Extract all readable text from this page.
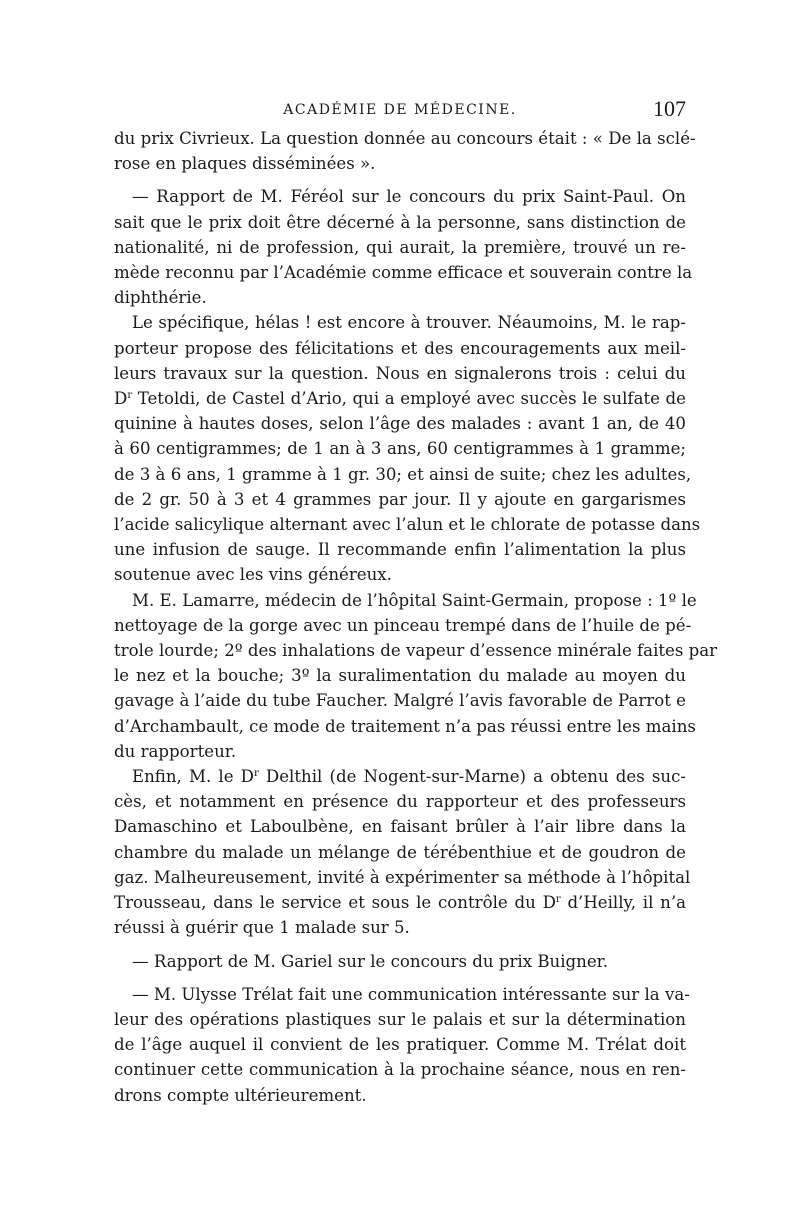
ACADÉMIE DE MÉDECINE.	107
du prix Civrieux. La question donnée au concours était : « De la sclé-
rose en plaques disséminées ».
— Rapport de M. Féréol sur le concours du prix Saint-Paul. On
sait que le prix doit être décerné à la personne, sans distinction de
nationalité, ni de profession, qui aurait, la première, trouvé un re-
mède reconnu par l’Académie comme efficace et souverain contre la
diphthérie.
Le spécifique, hélas ! est encore à trouver. Néaumoins, M. le rap-
porteur propose des félicitations et des encouragements aux meil-
leurs travaux sur la question. Nous en signalerons trois : celui du
$D^r$ Tetoldi, de Castel d’Ario, qui a employé avec succès le sulfate de
quinine à hautes doses, selon l’âge des malades : avant 1 an, de 40
à 60 centigrammes; de 1 an à 3 ans, 60 centigrammes à 1 gramme;
de 3 à 6 ans, 1 gramme à 1 gr. 30; et ainsi de suite; chez les adultes,
de 2 gr. 50 à 3 et 4 grammes par jour. Il y ajoute en gargarismes
l’acide salicylique alternant avec l’alun et le chlorate de potasse dans
une infusion de sauge. Il recommande enfin l’alimentation la plus
soutenue avec les vins généreux.
M. E. Lamarre, médecin de l’hôpital Saint-Germain, propose : 1º le
nettoyage de la gorge avec un pinceau trempé dans de l’huile de pé-
trole lourde; 2º des inhalations de vapeur d’essence minérale faites par
le nez et la bouche; 3º la suralimentation du malade au moyen du
gavage à l’aide du tube Faucher. Malgré l’avis favorable de Parrot e
d’Archambault, ce mode de traitement n’a pas réussi entre les mains
du rapporteur.
Enfin, M. le $D^r$ Delthil (de Nogent-sur-Marne) a obtenu des suc-
cès, et notamment en présence du rapporteur et des professeurs
Damaschino et Laboulbène, en faisant brûler à l’air libre dans la
chambre du malade un mélange de térébenthiue et de goudron de
gaz. Malheureusement, invité à expérimenter sa méthode à l’hôpital
Trousseau, dans le service et sous le contrôle du $D^r$ d’Heilly, il n’a
réussi à guérir que 1 malade sur 5.
— Rapport de M. Gariel sur le concours du prix Buigner.
— M. Ulysse Trélat fait une communication intéressante sur la va-
leur des opérations plastiques sur le palais et sur la détermination
de l’âge auquel il convient de les pratiquer. Comme M. Trélat doit
continuer cette communication à la prochaine séance, nous en ren-
drons compte ultérieurement.
